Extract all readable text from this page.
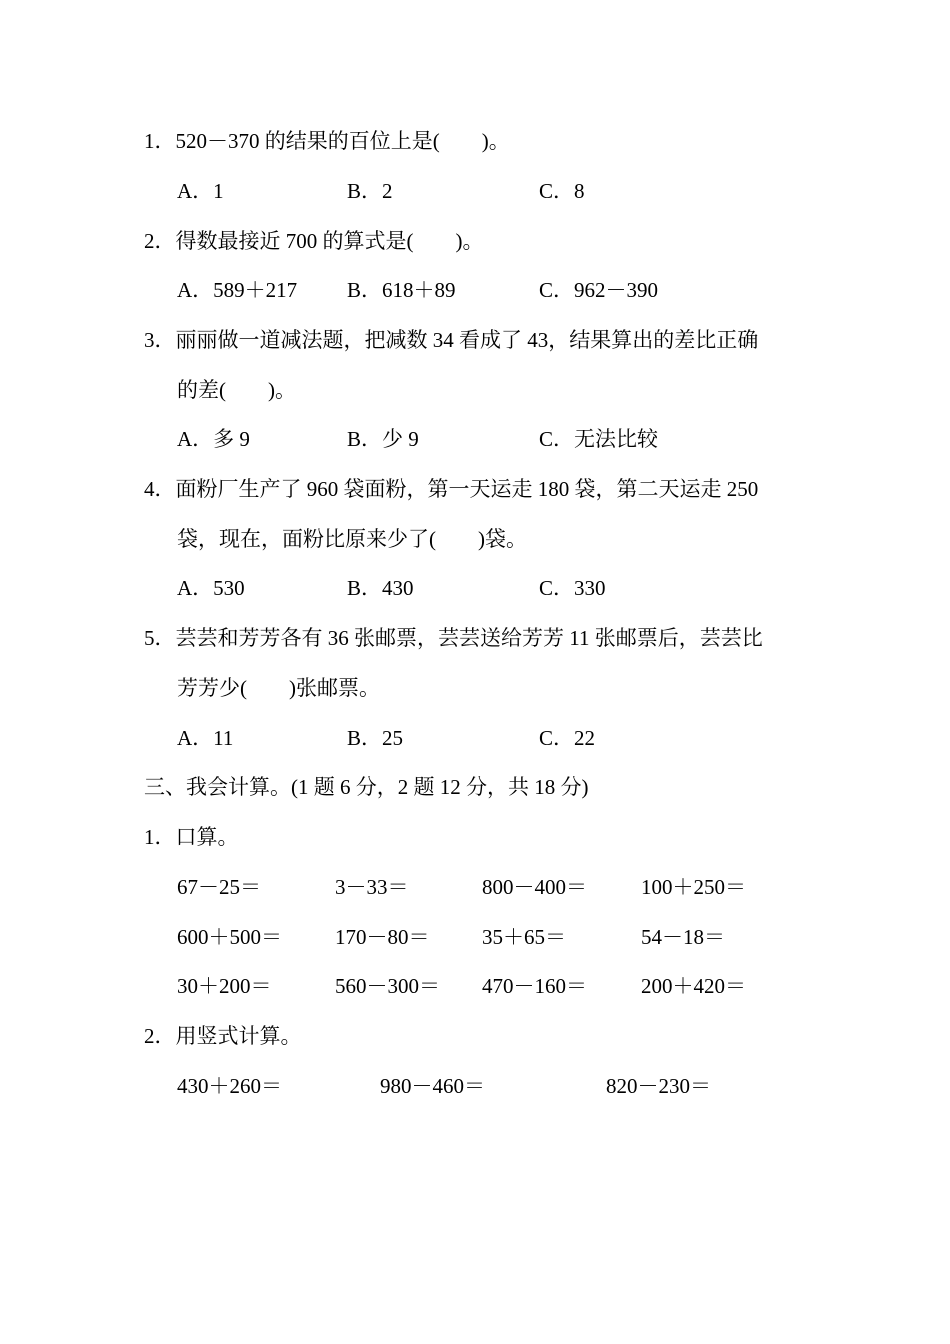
1．520－370 的结果的百位上是(　　)。
A．1	B．2	C．8
2．得数最接近 700 的算式是(　　)。
A．589＋217 B．618＋89	C．962－390
3．丽丽做一道减法题，把减数 34 看成了 43，结果算出的差比正确
的差(　　)。
A．多 9	B．少 9	C．无法比较
4．面粉厂生产了 960 袋面粉，第一天运走 180 袋，第二天运走 250
袋，现在，面粉比原来少了(　　)袋。
A．530	B．430	C．330
5．芸芸和芳芳各有 36 张邮票，芸芸送给芳芳 11 张邮票后，芸芸比
芳芳少(　　)张邮票。
A．11	B．25	C．22
三、我会计算。(1 题 6 分，2 题 12 分，共 18 分)
1．口算。
67－25＝	3－33＝	800－400＝	100＋250＝
600＋500＝	170－80＝	35＋65＝	54－18＝
30＋200＝	560－300＝ 470－160＝	200＋420＝
2．用竖式计算。
430＋260＝	980－460＝	820－230＝
